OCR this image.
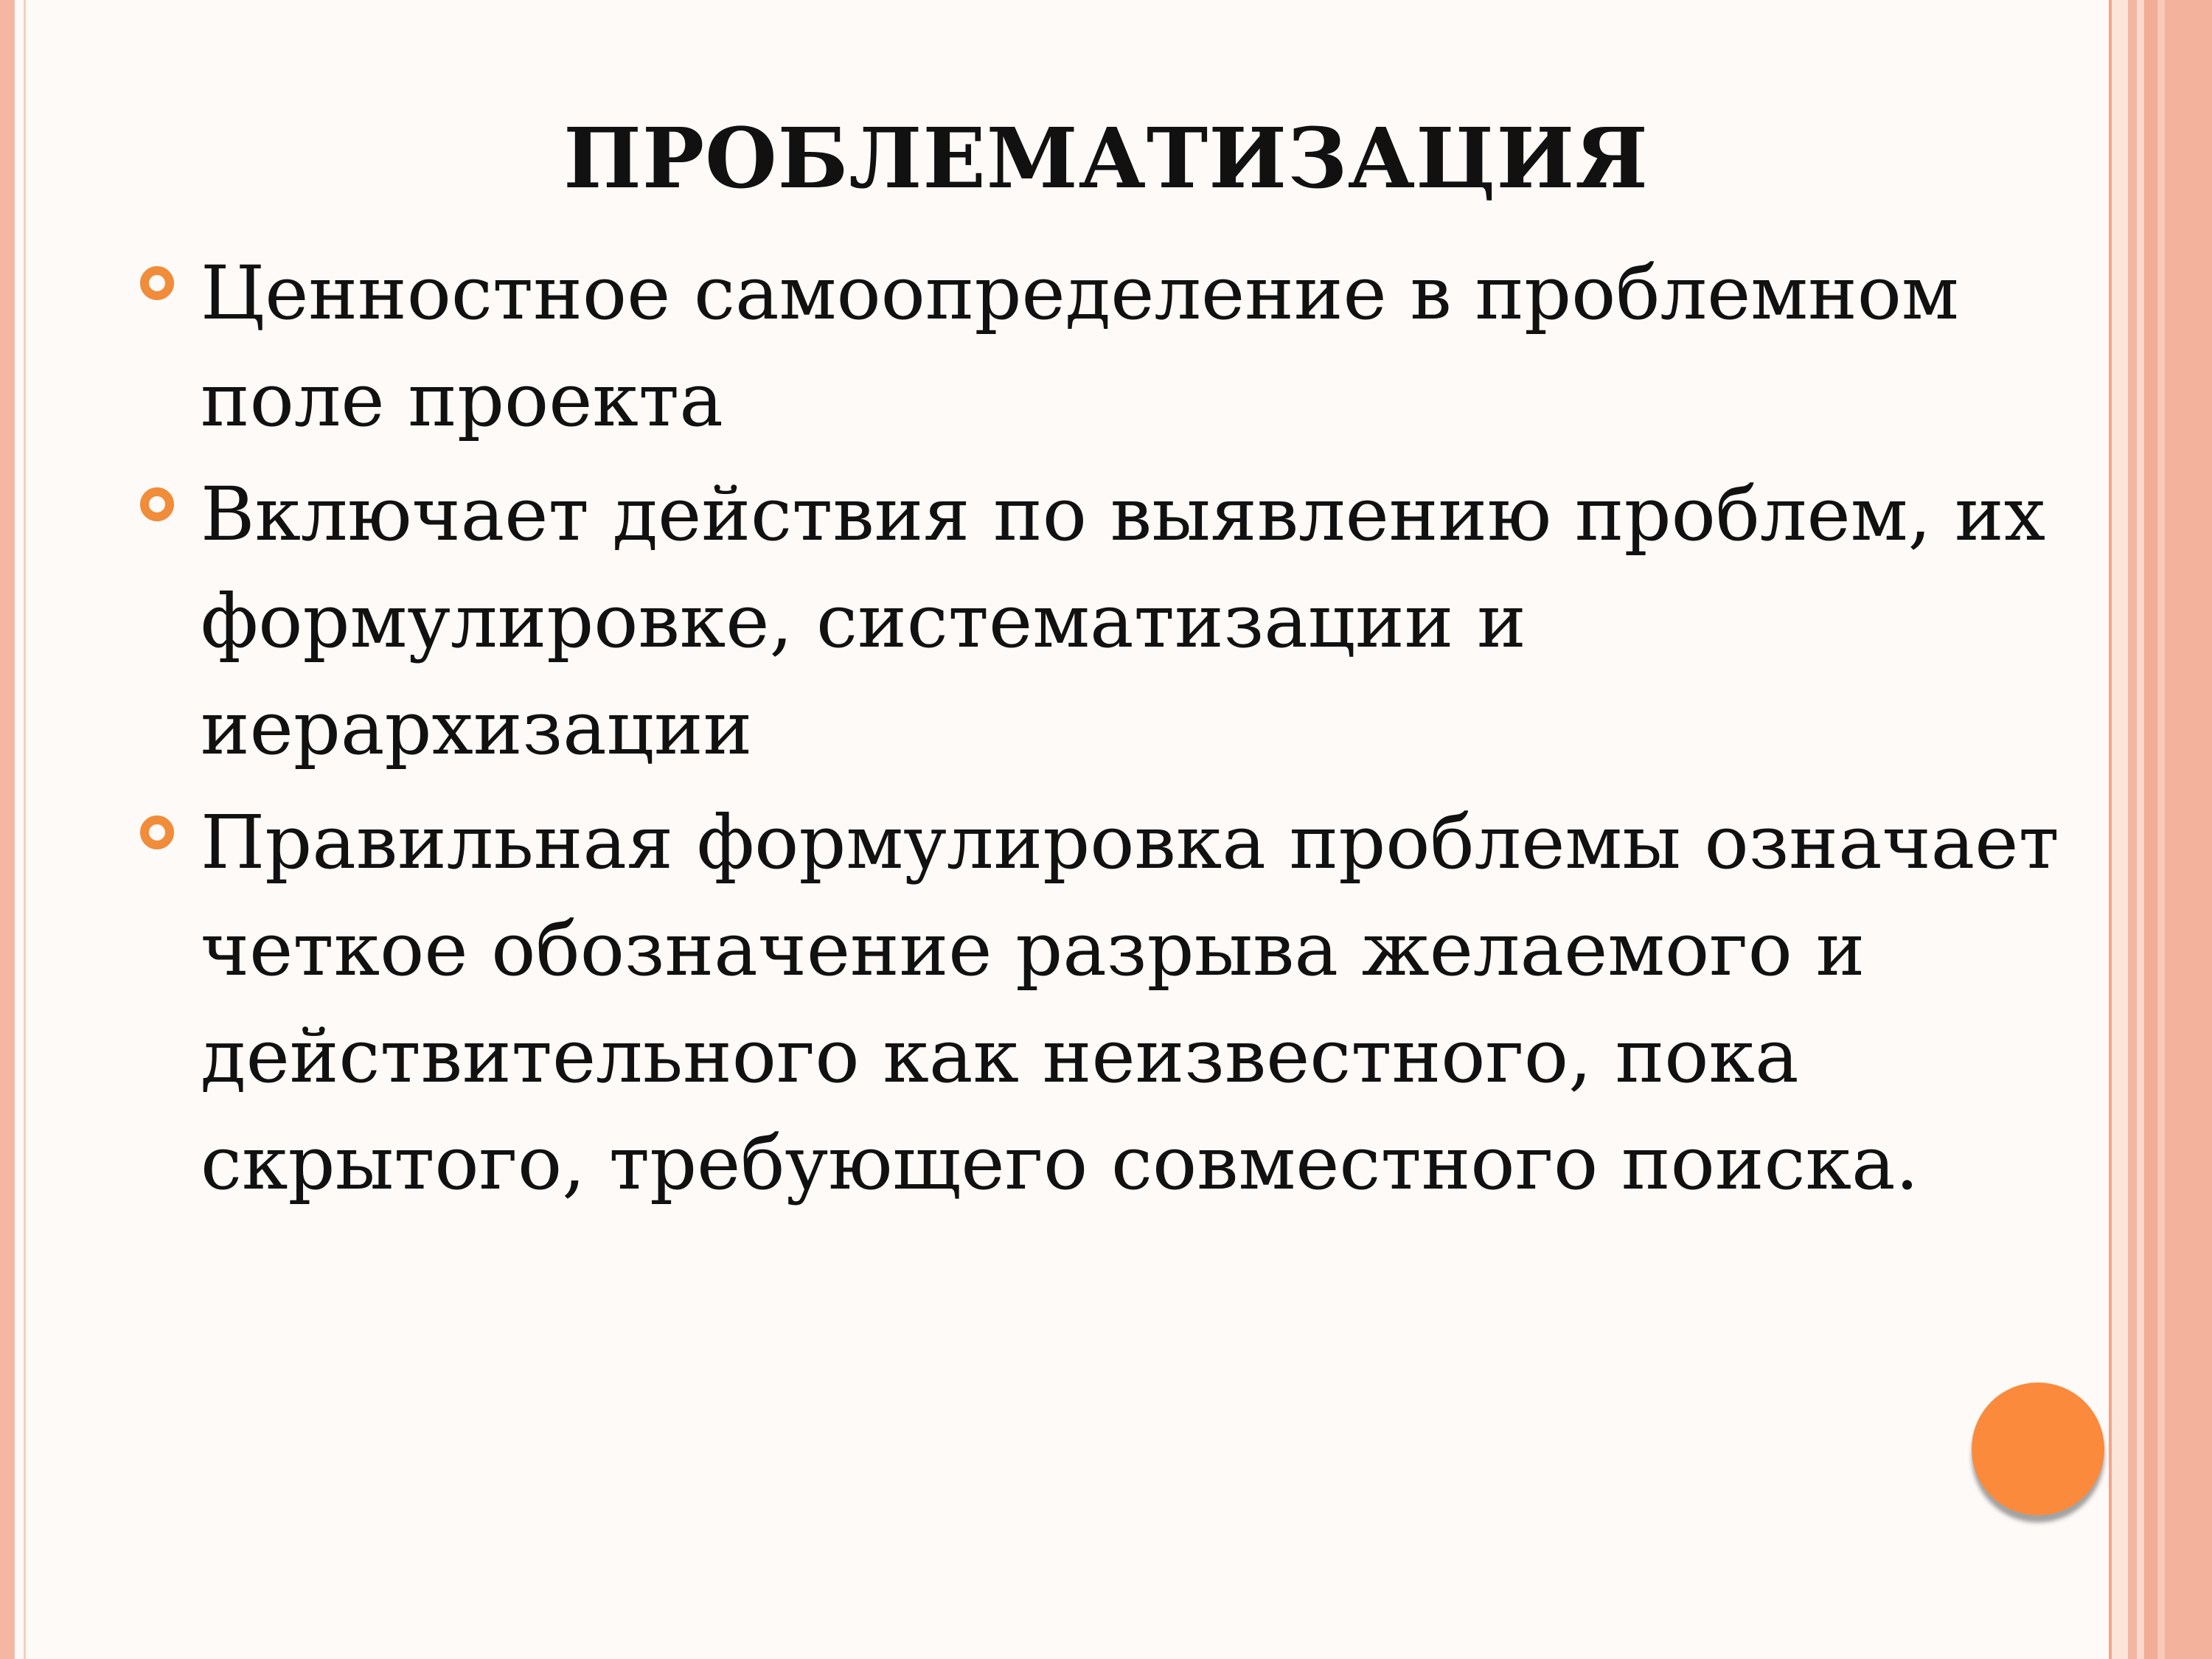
ПРОБЛЕМАТИЗАЦИЯ
Ценностное самоопределение в проблемном поле проекта
Включает действия по выявлению проблем, их формулировке, систематизации и иерархизации
Правильная формулировка проблемы означает четкое обозначение разрыва желаемого и действительного как неизвестного, пока скрытого, требующего совместного поиска.
